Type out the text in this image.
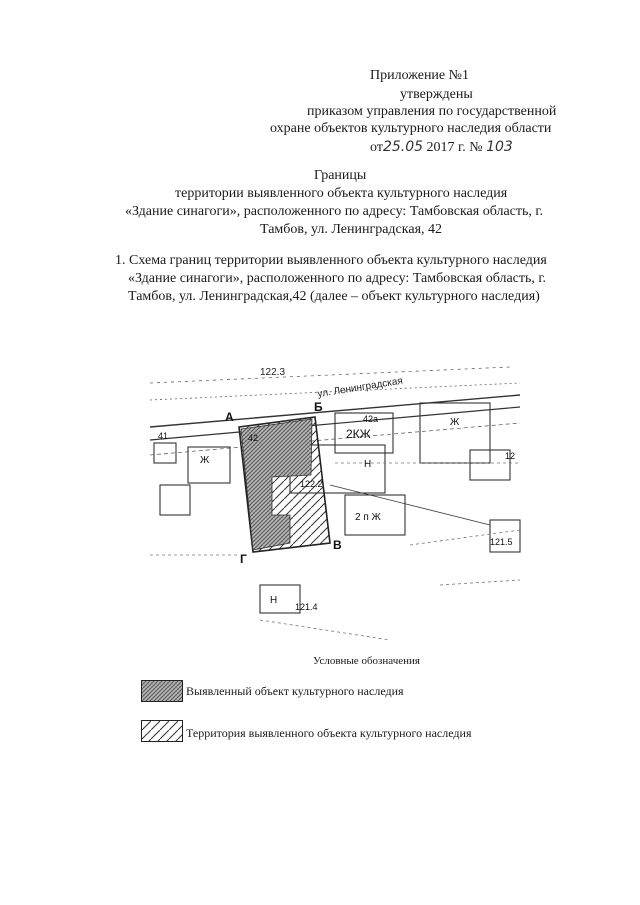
Приложение №1
утверждены
приказом управления по государственной
охране объектов культурного наследия области
от25.05 2017 г. № 103
Границы
территории выявленного объекта культурного наследия
«Здание синагоги», расположенного по адресу: Тамбовская область, г.
Тамбов, ул. Ленинградская, 42
1. Схема границ территории выявленного объекта культурного наследия
«Здание синагоги», расположенного по адресу: Тамбовская область, г.
Тамбов, ул. Ленинградская,42 (далее – объект культурного наследия)
ул. Ленинградская
122.3
А
Б
В
Г
42
42а
41	2КЖ
2 п Ж
Ж
Ж
Н
Н
122.2
121.5
121.4
12
Условные обозначения
Выявленный объект культурного наследия
Территория выявленного объекта культурного наследия
